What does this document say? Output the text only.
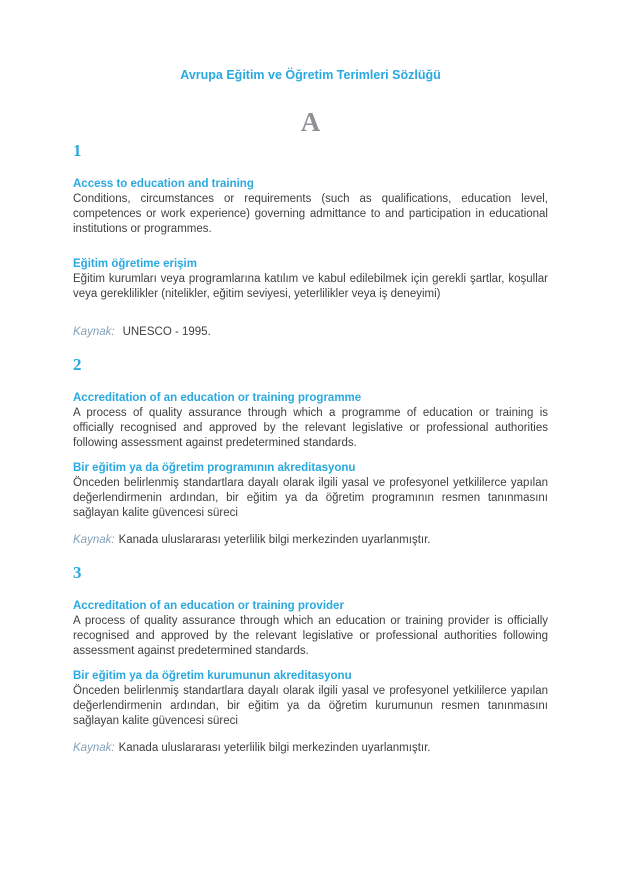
Avrupa Eğitim ve Öğretim Terimleri Sözlüğü
A
1
Access to education and training

Conditions, circumstances or requirements (such as qualifications, education level, competences or work experience) governing admittance to and participation in educational institutions or programmes.

Eğitim öğretime erişim

Eğitim kurumları veya programlarına katılım ve kabul edilebilmek için gerekli şartlar, koşullar veya gereklilikler (nitelikler, eğitim seviyesi, yeterlilikler veya iş deneyimi)

Kaynak: UNESCO - 1995.

2
Accreditation of an education or training programme

A process of quality assurance through which a programme of education or training is officially recognised and approved by the relevant legislative or professional authorities following assessment against predetermined standards.

Bir eğitim ya da öğretim programının akreditasyonu

Önceden belirlenmiş standartlara dayalı olarak ilgili yasal ve profesyonel yetkililerce yapılan değerlendirmenin ardından, bir eğitim ya da öğretim programının resmen tanınmasını sağlayan kalite güvencesi süreci

Kaynak: Kanada uluslararası yeterlilik bilgi merkezinden uyarlanmıştır.

3
Accreditation of an education or training provider

A process of quality assurance through which an education or training provider is officially recognised and approved by the relevant legislative or professional authorities following assessment against predetermined standards.

Bir eğitim ya da öğretim kurumunun akreditasyonu

Önceden belirlenmiş standartlara dayalı olarak ilgili yasal ve profesyonel yetkililerce yapılan değerlendirmenin ardından, bir eğitim ya da öğretim kurumunun resmen tanınmasını sağlayan kalite güvencesi süreci

Kaynak: Kanada uluslararası yeterlilik bilgi merkezinden uyarlanmıştır.
